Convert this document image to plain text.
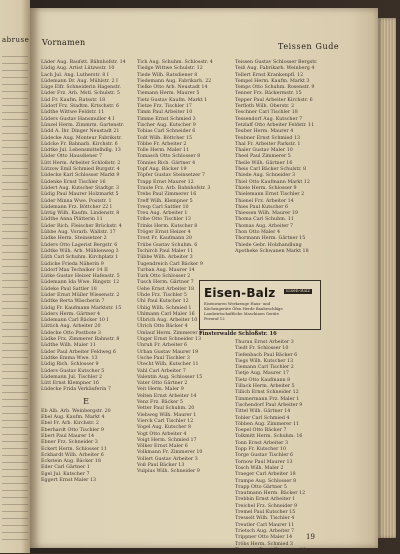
abruse Vornamen	Teissen Gude
Läder Aug. Baufstt. Bähnhofstr. 14
Lüdig Aug. Artist Lützwstr. 10
Lach Jul. Ang. Lutherstr. 8 I
Lüdemann Dr. Aug. Mühlstr. 2 I
Lüge Elfr. Schneiderin Hagenstr.
Lüder Frz. Arb. Mstl. Schulstr. 5
Lüd Fr. Kaufm. Ratsstr. 18
Lüdorf Frz. Stadtm. Krtschstr. 6
Lüdthe Wittwe Feldstr. 11
Lüders Gustav Hansmuller 4 I
Lünzel Herm. Zimmrm. Gartenstr.
Lüdd A. Ihr. Dinger Neustadt 21
Lüdecke Aug. Monteur Fabrikstr.
Lüdcke Fr. Bahnarb. Kirchstr. 6
Lüdtke Jul. Lebensmittelhdlg. 13
Lüder Otto Hausdiener 7
Lütt Herm. Arbeiter Schloßstr. 2
Lützow Emil Schmied Burgstr. 4
Lüdecke Karl Schlosser Markt 9
Lüdenke Ernst Tischler 16
Lüdert Aug. Kutscher Stadtgr. 3
Lüdig Paul Maurer Holzmarkt 5
Lüder Minna Wwe. Poststr. 1
Lüdemann Frz. Böttcher 22 I
Lüttig Wilh. Kaufm. Lindenstr. 8
Lüdthe Anna Plätterin 11
Lüder Rich. Fleischer Brückstr. 4
Lübbe Aug. Vorarb. Wallstr. 17
Lüdke Herm. Steinsetzer 2
Lüders Otto Lagerist Bergstr. 6
Lüdtke Wilh. Arb. Mühlenweg 3
Lüth Carl Schuhm. Kirchplatz 1
Lüdicke Frieda Näherin 9
Lüdorf Max Techniker 14 II
Lütke Gustav Heizer Hafenstr. 5
Lüdemann Ida Wwe. Ringstr. 12
Lüdeke Paul Sattler 18
Lüder Ernst Müller Wiesenstr. 2
Lüdtke Berta Wäscherin 7
Lüdig Fr. Kaufmann Marktstr. 15
Lüders Herm. Gärtner 4
Lüdemann Carl Bäcker 10 I
Lüttich Aug. Arbeiter 20
Lüdecke Otto Postbote 3
Lüdke Frz. Zimmerer Bahnstr. 8
Lüdthe Wilh. Maler 11
Lüder Paul Arbeiter Feldweg 6
Lüdtke Emma Wwe. 13
Lüdig Rich. Schlosser 9
Lüders Gustav Kutscher 5
Lüdemann Jul. Tischler 2
Lütt Ernst Klempner 16
Lüdecke Frida Verkäuferin 7
E
Eb Alb. Arb. Weinbergstr. 20
Ebel Aug. Kaufm. Markt 4
Ebel Fr. Arb. Kirchstr. 2
Eberhardt Otto Tischler 9
Ebert Paul Maurer 14
Ebner Frz. Schneider 3
Eckert Herm. Schlosser 11
Eckhardt Wilh. Arbeiter 6
Eckstein Aug. Bäcker 18
Eder Carl Gärtner 1
Egel Jul. Kutscher 7
Eggert Ernst Maler 13
Tich Aug. Schuhm. Schlosstr. 4
Tiedge Wittwe Schulstr. 12
Tiede Wilh. Ratsdiener 8
Tiedemann Aug. Fabrikarb. 22
Tielke Otto Arb. Neustadt 14
Tiemann Herm. Maurer 5
Tietz Gustav Kaufm. Markt 1
Tietze Frz. Tischler 17
Timm Paul Arbeiter 10
Timme Ernst Schmied 3
Tischer Aug. Kutscher 9
Tobias Carl Schneider 6
Todt Wilh. Böttcher 15
Többe Fr. Arbeiter 2
Tolle Herm. Maler 11
Tomasch Otto Schlosser 8
Tönnies Rich. Gärtner 4
Topf Aug. Bäcker 19
Töpfer Gustav Steinsetzer 7
Trapp Ernst Maurer 12
Traute Frz. Arb. Bahnhofstr. 3
Trebs Paul Zimmerer 16
Treff Wilh. Klempner 5
Tresp Carl Sattler 10
Treu Aug. Arbeiter 1
Tribe Otto Tischler 13
Trinks Herm. Kutscher 8
Tröger Ernst Heizer 4
Trost Fr. Kaufmann 20
Trübe Gustav Schuhm. 6
Tschirch Paul Maler 11
Tübbe Wilh. Arbeiter 3
Tugendreich Carl Bäcker 9
Turban Aug. Maurer 14
Turk Otto Schlosser 2
Tusch Herm. Gärtner 7
Uebe Ernst Arbeiter 18
Uhde Frz. Tischler 5
Uhl Paul Kutscher 12
Uhlig Wilh. Schmied 1
Uhlmann Carl Maler 16
Ulbrich Aug. Arbeiter 10
Ulrich Otto Bäcker 4
Umlauf Herm. Zimmerer 8
Unger Ernst Schneider 13
Unruh Fr. Arbeiter 6
Urban Gustav Maurer 19
Usche Paul Tischler 3
Utecht Wilh. Kutscher 11
Vahl Carl Arbeiter 7
Valentin Aug. Schlosser 15
Vater Otto Gärtner 2
Veit Herm. Maler 9
Velten Ernst Arbeiter 14
Venz Frz. Bäcker 5
Vetter Paul Schuhm. 20
Viehweg Wilh. Maurer 1
Vierck Carl Tischler 12
Vogel Aug. Kutscher 8
Vogt Otto Arbeiter 4
Voigt Herm. Schmied 17
Völker Ernst Maler 6
Volkmann Fr. Zimmerer 10
Vollert Gustav Arbeiter 3
Voß Paul Bäcker 13
Vulpius Wilh. Schneider 9
Teissen Gustav Schlosser Bergstr.
Teiß Aug. Fabrikarb. Weinberg 4
Tellert Ernst Krankenpfl. 12
Tempel Herm. Kaufm. Markt 3
Temps Otto Schuhm. Rosenstr. 9
Tenner Frz. Bäckermstr. 15
Tepper Paul Arbeiter Kirchstr. 6
Terfloth Wilh. Oberstr. 2
Teschner Carl Tischler 18
Tessendorf Aug. Kutscher 7
Tetzlaff Otto Arbeiter Feldstr. 11
Teuber Herm. Maurer 4
Teubner Ernst Schmied 13
Thal Fr. Arbeiter Parkstr. 1
Thaler Gustav Maler 10
Theel Paul Zimmerer 5
Theile Wilh. Gärtner 16
Theis Carl Bäcker Schulstr. 8
Thiede Aug. Schneider 3
Thiel Otto Kaufmann Markt 12
Thiele Herm. Schlosser 9
Thielemann Ernst Tischler 2
Thienel Frz. Arbeiter 14
Thies Paul Kutscher 6
Thiessen Wilh. Maurer 19
Thoma Carl Schuhm. 11
Thomas Aug. Arbeiter 7
Thon Otto Maler 4
Thormann Herm. Gärtner 15
Thiede Gebr. Holzhandlung
Apotheke Schwanen Markt 18
Thurau Ernst Arbeiter 3
Tiedt Fr. Schlosser 10
Tiefenbach Paul Bäcker 6
Tiegs Wilh. Kutscher 13
Tiemann Carl Tischler 2
Tietje Aug. Maurer 17
Tietz Otto Kaufmann 8
Tillack Herm. Arbeiter 5
Tillich Ernst Schneider 12
Timmermann Frz. Maler 1
Tischendorf Paul Arbeiter 9
Tittel Wilh. Gärtner 14
Tobler Carl Schmied 4
Többen Aug. Zimmerer 11
Toepel Otto Bäcker 7
Tolkmitt Herm. Schuhm. 16
Tonn Ernst Arbeiter 3
Topp Fr. Kutscher 10
Torge Gustav Tischler 6
Tornow Paul Maurer 13
Tosch Wilh. Maler 2
Traeger Carl Arbeiter 18
Trampe Aug. Schlosser 8
Trapp Otto Gärtner 5
Trautmann Herm. Bäcker 12
Trebbin Ernst Arbeiter 1
Treichel Frz. Schneider 9
Tremel Paul Kutscher 15
Tresselt Wilh. Tischler 4
Treutler Carl Maurer 11
Trietsch Aug. Arbeiter 7
Trippner Otto Maler 14
Tröbs Herm. Schmied 3
Trommer Ernst Zimmerer 10
Eisen-Balz	Eisen-Balz
Eisenwaren Werkzeuge Haus- und
Küchengeräte Öfen Herde Baubeschläge
Landwirtschaftliche Maschinen Geräte
Fernruf 12
Finsterwalde Schloßstr. 16
19
